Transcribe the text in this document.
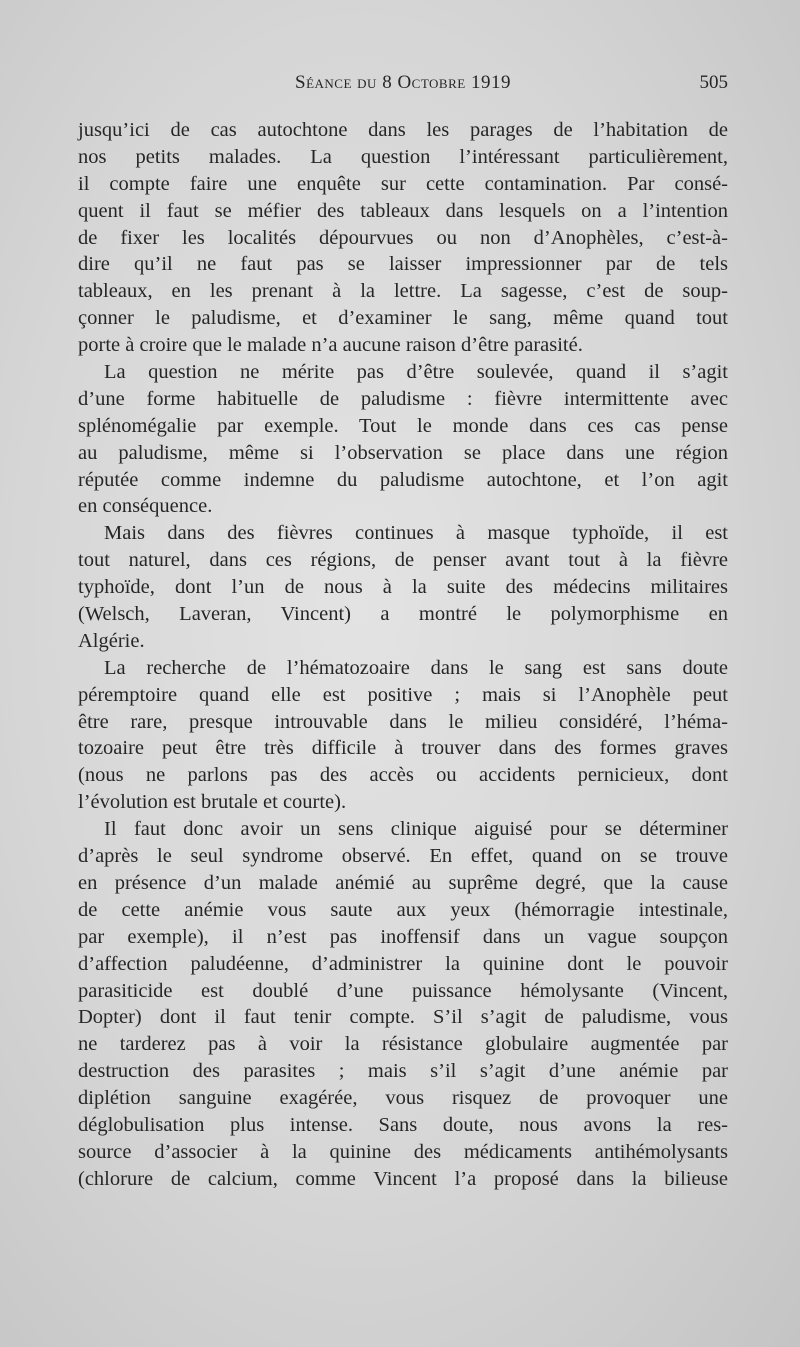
Séance du 8 Octobre 1919	505
jusqu’ici de cas autochtone dans les parages de l’habitation de
nos petits malades. La question l’intéressant particulièrement,
il compte faire une enquête sur cette contamination. Par consé-
quent il faut se méfier des tableaux dans lesquels on a l’intention
de fixer les localités dépourvues ou non d’Anophèles, c’est-à-
dire qu’il ne faut pas se laisser impressionner par de tels
tableaux, en les prenant à la lettre. La sagesse, c’est de soup-
çonner le paludisme, et d’examiner le sang, même quand tout
porte à croire que le malade n’a aucune raison d’être parasité.
La question ne mérite pas d’être soulevée, quand il s’agit
d’une forme habituelle de paludisme : fièvre intermittente avec
splénomégalie par exemple. Tout le monde dans ces cas pense
au paludisme, même si l’observation se place dans une région
réputée comme indemne du paludisme autochtone, et l’on agit
en conséquence.
Mais dans des fièvres continues à masque typhoïde, il est
tout naturel, dans ces régions, de penser avant tout à la fièvre
typhoïde, dont l’un de nous à la suite des médecins militaires
(Welsch, Laveran, Vincent) a montré le polymorphisme en
Algérie.
La recherche de l’hématozoaire dans le sang est sans doute
péremptoire quand elle est positive ; mais si l’Anophèle peut
être rare, presque introuvable dans le milieu considéré, l’héma-
tozoaire peut être très difficile à trouver dans des formes graves
(nous ne parlons pas des accès ou accidents pernicieux, dont
l’évolution est brutale et courte).
Il faut donc avoir un sens clinique aiguisé pour se déterminer
d’après le seul syndrome observé. En effet, quand on se trouve
en présence d’un malade anémié au suprême degré, que la cause
de cette anémie vous saute aux yeux (hémorragie intestinale,
par exemple), il n’est pas inoffensif dans un vague soupçon
d’affection paludéenne, d’administrer la quinine dont le pouvoir
parasiticide est doublé d’une puissance hémolysante (Vincent,
Dopter) dont il faut tenir compte. S’il s’agit de paludisme, vous
ne tarderez pas à voir la résistance globulaire augmentée par
destruction des parasites ; mais s’il s’agit d’une anémie par
diplétion sanguine exagérée, vous risquez de provoquer une
déglobulisation plus intense. Sans doute, nous avons la res-
source d’associer à la quinine des médicaments antihémolysants
(chlorure de calcium, comme Vincent l’a proposé dans la bilieuse
